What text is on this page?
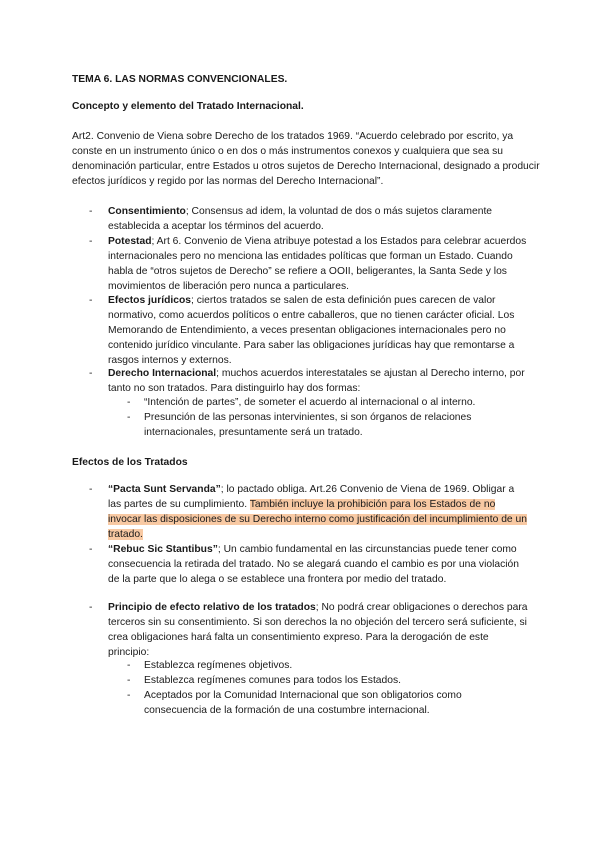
TEMA 6. LAS NORMAS CONVENCIONALES.
Concepto y elemento del Tratado Internacional.

Art2. Convenio de Viena sobre Derecho de los tratados 1969. “Acuerdo celebrado por escrito, ya conste en un instrumento único o en dos o más instrumentos conexos y cualquiera que sea su denominación particular, entre Estados u otros sujetos de Derecho Internacional, designado a producir efectos jurídicos y regido por las normas del Derecho Internacional”.

- Consentimiento; Consensus ad idem, la voluntad de dos o más sujetos claramente establecida a aceptar los términos del acuerdo.
- Potestad; Art 6. Convenio de Viena atribuye potestad a los Estados para celebrar acuerdos internacionales pero no menciona las entidades políticas que forman un Estado. Cuando habla de “otros sujetos de Derecho” se refiere a OOII, beligerantes, la Santa Sede y los movimientos de liberación pero nunca a particulares.
- Efectos jurídicos; ciertos tratados se salen de esta definición pues carecen de valor normativo, como acuerdos políticos o entre caballeros, que no tienen carácter oficial. Los Memorando de Entendimiento, a veces presentan obligaciones internacionales pero no contenido jurídico vinculante. Para saber las obligaciones jurídicas hay que remontarse a rasgos internos y externos.
- Derecho Internacional; muchos acuerdos interestatales se ajustan al Derecho interno, por tanto no son tratados. Para distinguirlo hay dos formas:
- “Intención de partes”, de someter el acuerdo al internacional o al interno.
- Presunción de las personas intervinientes, si son órganos de relaciones internacionales, presuntamente será un tratado.
Efectos de los Tratados
- “Pacta Sunt Servanda”; lo pactado obliga. Art.26 Convenio de Viena de 1969. Obligar a las partes de su cumplimiento. También incluye la prohibición para los Estados de no invocar las disposiciones de su Derecho interno como justificación del incumplimiento de un tratado.
- “Rebuc Sic Stantibus”; Un cambio fundamental en las circunstancias puede tener como consecuencia la retirada del tratado. No se alegará cuando el cambio es por una violación de la parte que lo alega o se establece una frontera por medio del tratado.
- Principio de efecto relativo de los tratados; No podrá crear obligaciones o derechos para terceros sin su consentimiento. Si son derechos la no objeción del tercero será suficiente, si crea obligaciones hará falta un consentimiento expreso. Para la derogación de este principio:
- Establezca regímenes objetivos.
- Establezca regímenes comunes para todos los Estados.
- Aceptados por la Comunidad Internacional que son obligatorios como consecuencia de la formación de una costumbre internacional.
